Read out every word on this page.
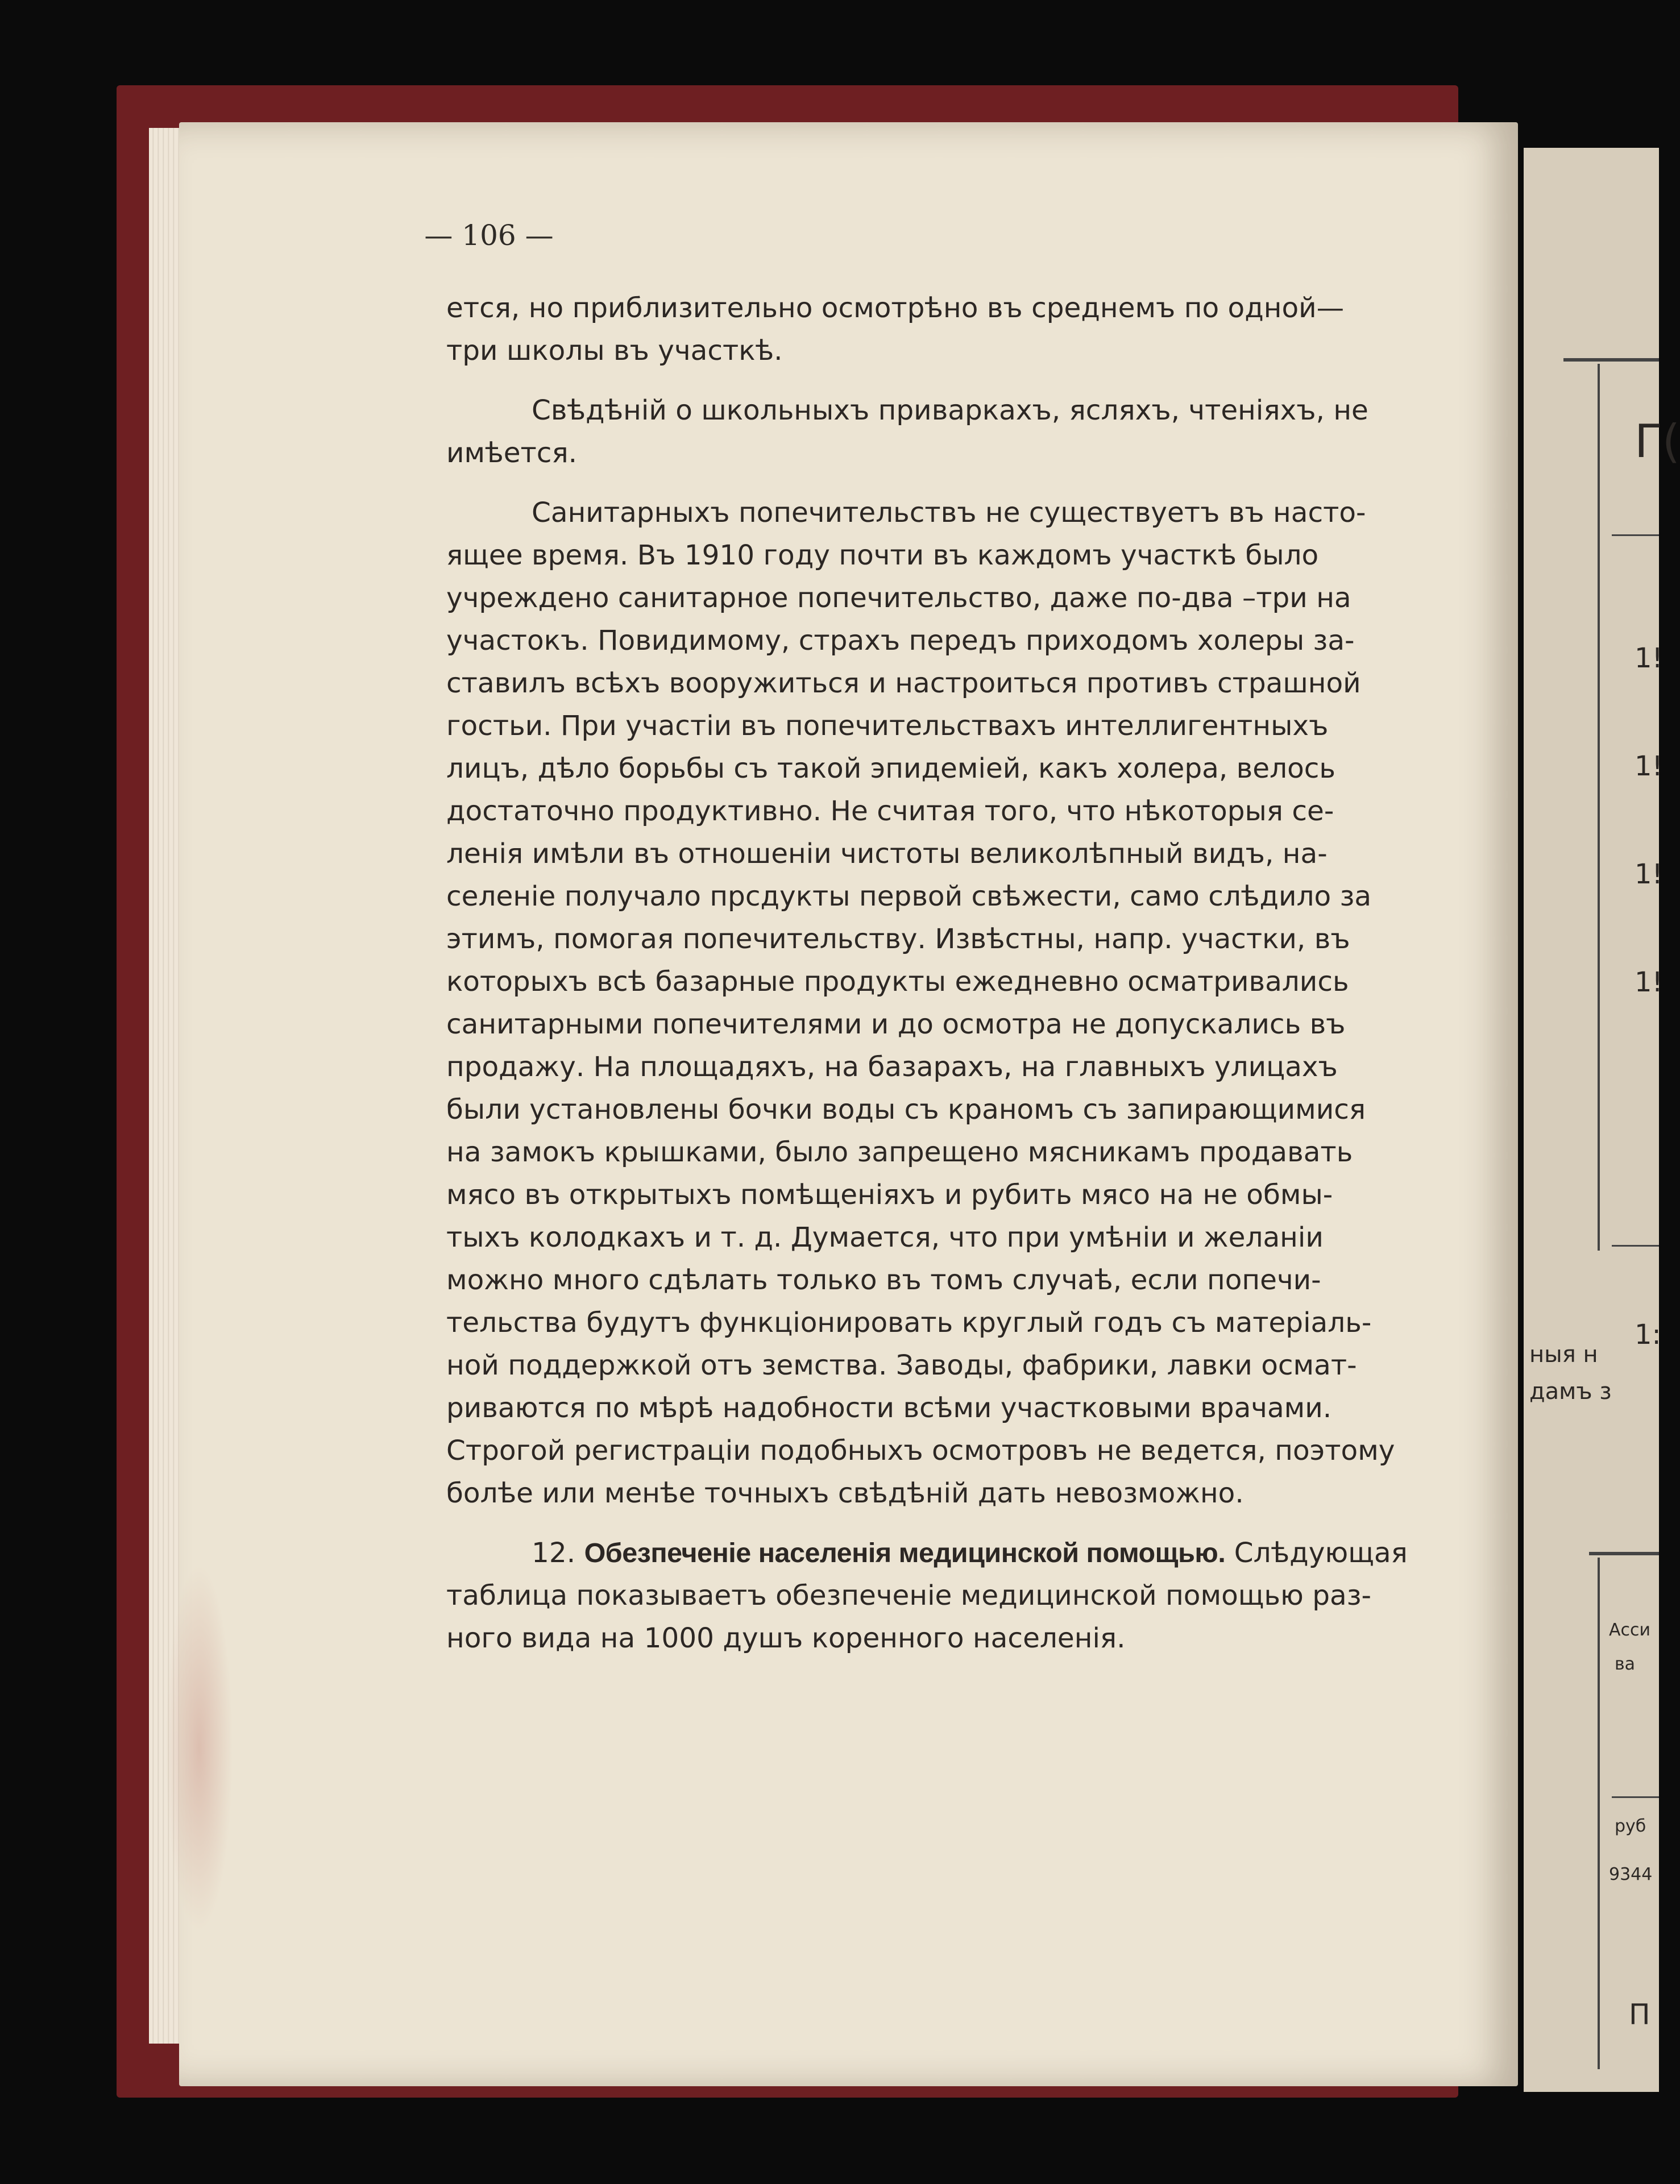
Г(
1!
1!
1!
1!
1:
ныя н
дамъ з
Асси
ва
руб
9344
П
— 106 —

ется, но приблизительно осмотрѣно въ среднемъ по одной—
три школы въ участкѣ.

Свѣдѣній о школьныхъ приваркахъ, ясляхъ, чтеніяхъ, не
имѣется.

Санитарныхъ попечительствъ не существуетъ въ насто-
ящее время. Въ 1910 году почти въ каждомъ участкѣ было
учреждено санитарное попечительство, даже по-два –три на
участокъ. Повидимому, страхъ передъ приходомъ холеры за-
ставилъ всѣхъ вооружиться и настроиться противъ страшной
гостьи. При участіи въ попечительствахъ интеллигентныхъ
лицъ, дѣло борьбы съ такой эпидеміей, какъ холера, велось
достаточно продуктивно. Не считая того, что нѣкоторыя се-
ленія имѣли въ отношеніи чистоты великолѣпный видъ, на-
селеніе получало прсдукты первой свѣжести, само слѣдило за
этимъ, помогая попечительству. Извѣстны, напр. участки, въ
которыхъ всѣ базарные продукты ежедневно осматривались
санитарными попечителями и до осмотра не допускались въ
продажу. На площадяхъ, на базарахъ, на главныхъ улицахъ
были установлены бочки воды съ краномъ съ запирающимися
на замокъ крышками, было запрещено мясникамъ продавать
мясо въ открытыхъ помѣщеніяхъ и рубить мясо на не обмы-
тыхъ колодкахъ и т. д. Думается, что при умѣніи и желаніи
можно много сдѣлать только въ томъ случаѣ, если попечи-
тельства будутъ функціонировать круглый годъ съ матеріаль-
ной поддержкой отъ земства. Заводы, фабрики, лавки осмат-
риваются по мѣрѣ надобности всѣми участковыми врачами.
Строгой регистраціи подобныхъ осмотровъ не ведется, поэтому
болѣе или менѣе точныхъ свѣдѣній дать невозможно.

12. Обезпеченіе населенія медицинской помощью. Слѣдующая
таблица показываетъ обезпеченіе медицинской помощью раз-
ного вида на 1000 душъ коренного населенія.
